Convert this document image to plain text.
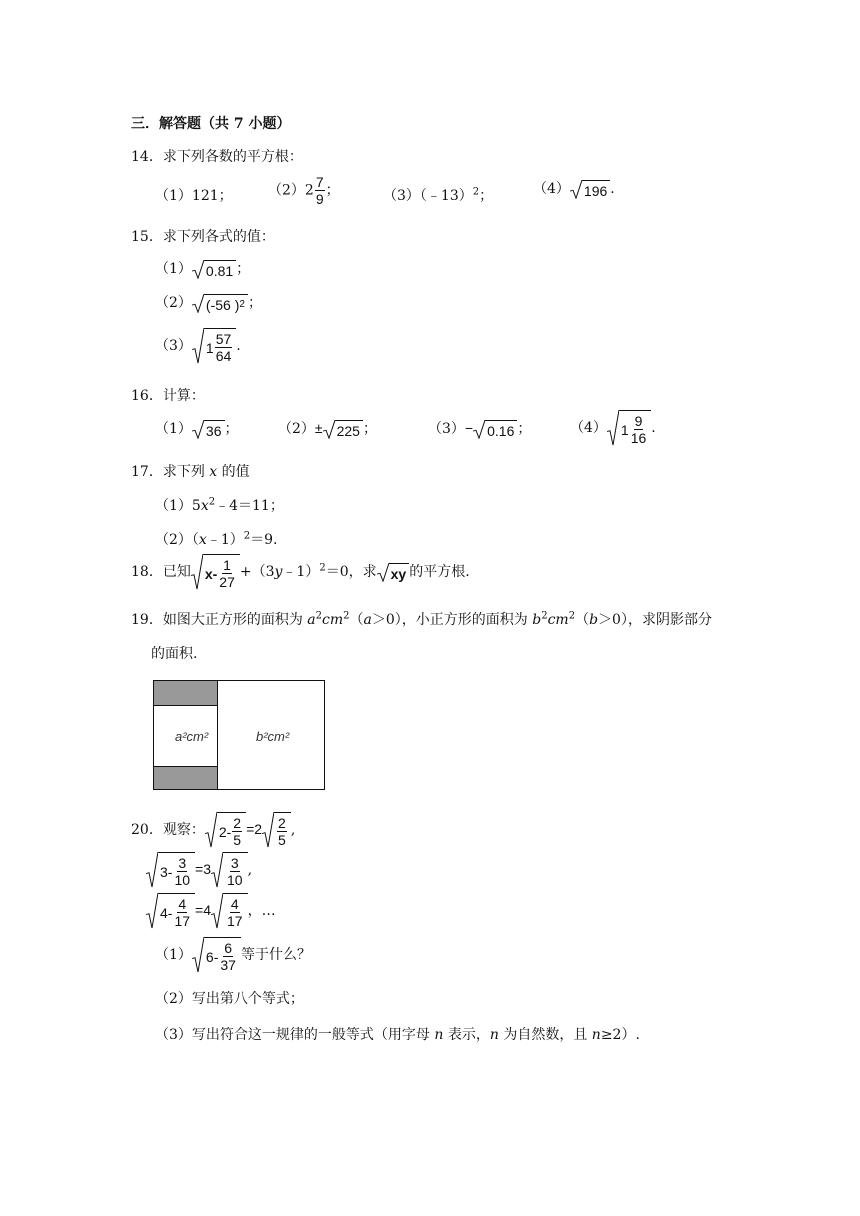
三．解答题（共 7 小题）
14．求下列各数的平方根：
（1）121；	$(2)2 \frac{7}{9}$ ；	（3）（﹣13）$^2$；	（4） 196 .
15．求下列各式的值：
（1） 0.81 ；
（2） (-56 ) 2 ；
（3） $1 \frac{57}{64}$ .
16．计算：
（1） 36 ；	（2）± 225 ；	（3）− 0.16 ；	（4） $1 \frac{9}{16}$ .
17．求下列 x 的值
$(1)5x^2﹣4=11$；
（2）（x﹣1）$^2$＝9.
18．已知 $x- \frac{1}{27}$ +（3y﹣1）$^2$＝0，求 xy 的平方根.
19．如图大正方形的面积为 $a^2cm^2(a>0)$，小正方形的面积为 $b^2cm^2(b>0)$，求阴影部分
的面积.
a²cm²	b²cm²
20．观察： $2- \frac{2}{5} =2 \frac{2}{5}$ ,
$3- \frac{3}{10} =3 \frac{3}{10}$ ,
$4- \frac{4}{17} =4 \frac{4}{17}$ ，…
（1） $6- \frac{6}{37}$ 等于什么？
（2）写出第八个等式；
（3）写出符合这一规律的一般等式（用字母 n 表示，n 为自然数，且 n≥2）.
